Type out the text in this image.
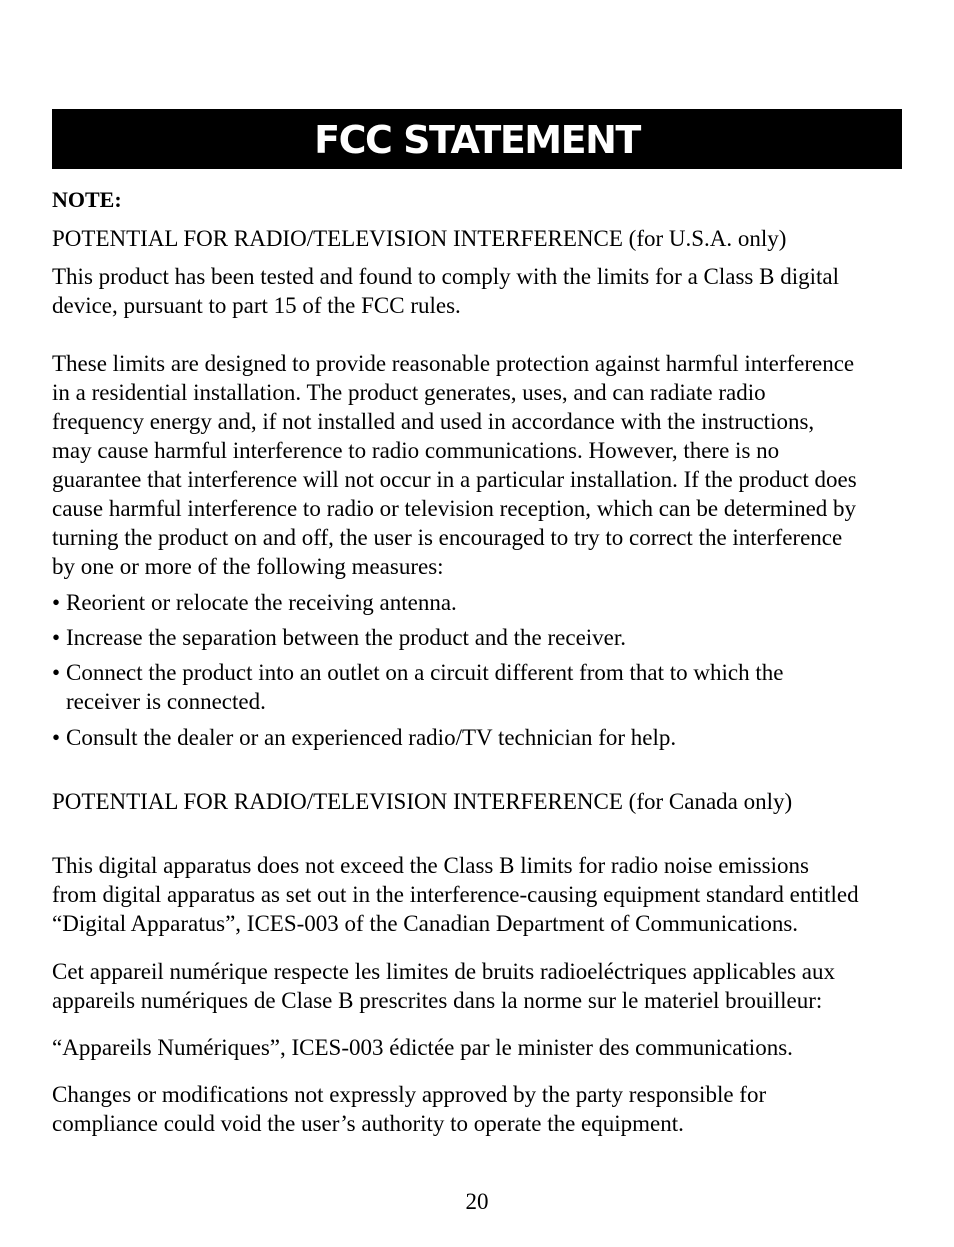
FCC STATEMENT
NOTE:
POTENTIAL FOR RADIO/TELEVISION INTERFERENCE (for U.S.A. only)
This product has been tested and found to comply with the limits for a Class B digital
device, pursuant to part 15 of the FCC rules.
These limits are designed to provide reasonable protection against harmful interference
in a residential installation. The product generates, uses, and can radiate radio
frequency energy and, if not installed and used in accordance with the instructions,
may cause harmful interference to radio communications. However, there is no
guarantee that interference will not occur in a particular installation. If the product does
cause harmful interference to radio or television reception, which can be determined by
turning the product on and off, the user is encouraged to try to correct the interference
by one or more of the following measures:
• Reorient or relocate the receiving antenna.
• Increase the separation between the product and the receiver.
• Connect the product into an outlet on a circuit different from that to which the
receiver is connected.
• Consult the dealer or an experienced radio/TV technician for help.
POTENTIAL FOR RADIO/TELEVISION INTERFERENCE (for Canada only)
This digital apparatus does not exceed the Class B limits for radio noise emissions
from digital apparatus as set out in the interference-causing equipment standard entitled
“Digital Apparatus”, ICES-003 of the Canadian Department of Communications.
Cet appareil numérique respecte les limites de bruits radioeléctriques applicables aux
appareils numériques de Clase B prescrites dans la norme sur le materiel brouilleur:
“Appareils Numériques”, ICES-003 édictée par le minister des communications.
Changes or modifications not expressly approved by the party responsible for
compliance could void the user’s authority to operate the equipment.
20
